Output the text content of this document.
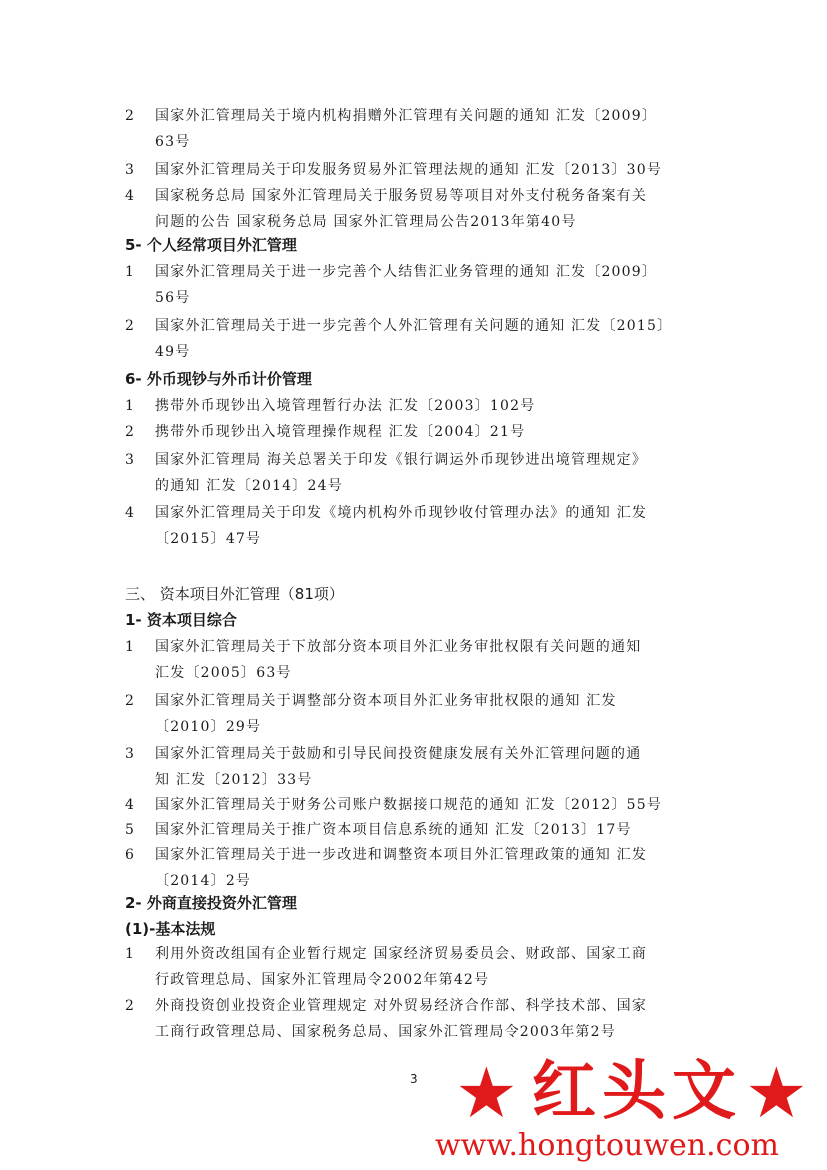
2	国家外汇管理局关于境内机构捐赠外汇管理有关问题的通知 汇发〔2009〕
63号
3	国家外汇管理局关于印发服务贸易外汇管理法规的通知 汇发〔2013〕30号
4	国家税务总局 国家外汇管理局关于服务贸易等项目对外支付税务备案有关
问题的公告 国家税务总局 国家外汇管理局公告2013年第40号
5- 个人经常项目外汇管理
1	国家外汇管理局关于进一步完善个人结售汇业务管理的通知 汇发〔2009〕
56号
2	国家外汇管理局关于进一步完善个人外汇管理有关问题的通知 汇发〔2015〕
49号
6- 外币现钞与外币计价管理
1	携带外币现钞出入境管理暂行办法 汇发〔2003〕102号
2	携带外币现钞出入境管理操作规程 汇发〔2004〕21号
3	国家外汇管理局 海关总署关于印发《银行调运外币现钞进出境管理规定》
的通知 汇发〔2014〕24号
4	国家外汇管理局关于印发《境内机构外币现钞收付管理办法》的通知 汇发
〔2015〕47号
三、 资本项目外汇管理（81项）
1- 资本项目综合
1	国家外汇管理局关于下放部分资本项目外汇业务审批权限有关问题的通知
汇发〔2005〕63号
2	国家外汇管理局关于调整部分资本项目外汇业务审批权限的通知 汇发
〔2010〕29号
3	国家外汇管理局关于鼓励和引导民间投资健康发展有关外汇管理问题的通
知 汇发〔2012〕33号
4	国家外汇管理局关于财务公司账户数据接口规范的通知 汇发〔2012〕55号
5	国家外汇管理局关于推广资本项目信息系统的通知 汇发〔2013〕17号
6	国家外汇管理局关于进一步改进和调整资本项目外汇管理政策的通知 汇发
〔2014〕2号
2- 外商直接投资外汇管理
(1)-基本法规
1	利用外资改组国有企业暂行规定 国家经济贸易委员会、财政部、国家工商
行政管理总局、国家外汇管理局令2002年第42号
2	外商投资创业投资企业管理规定 对外贸易经济合作部、科学技术部、国家
工商行政管理总局、国家税务总局、国家外汇管理局令2003年第2号
3 ★ 红头文 ★
www.hongtouwen.com
